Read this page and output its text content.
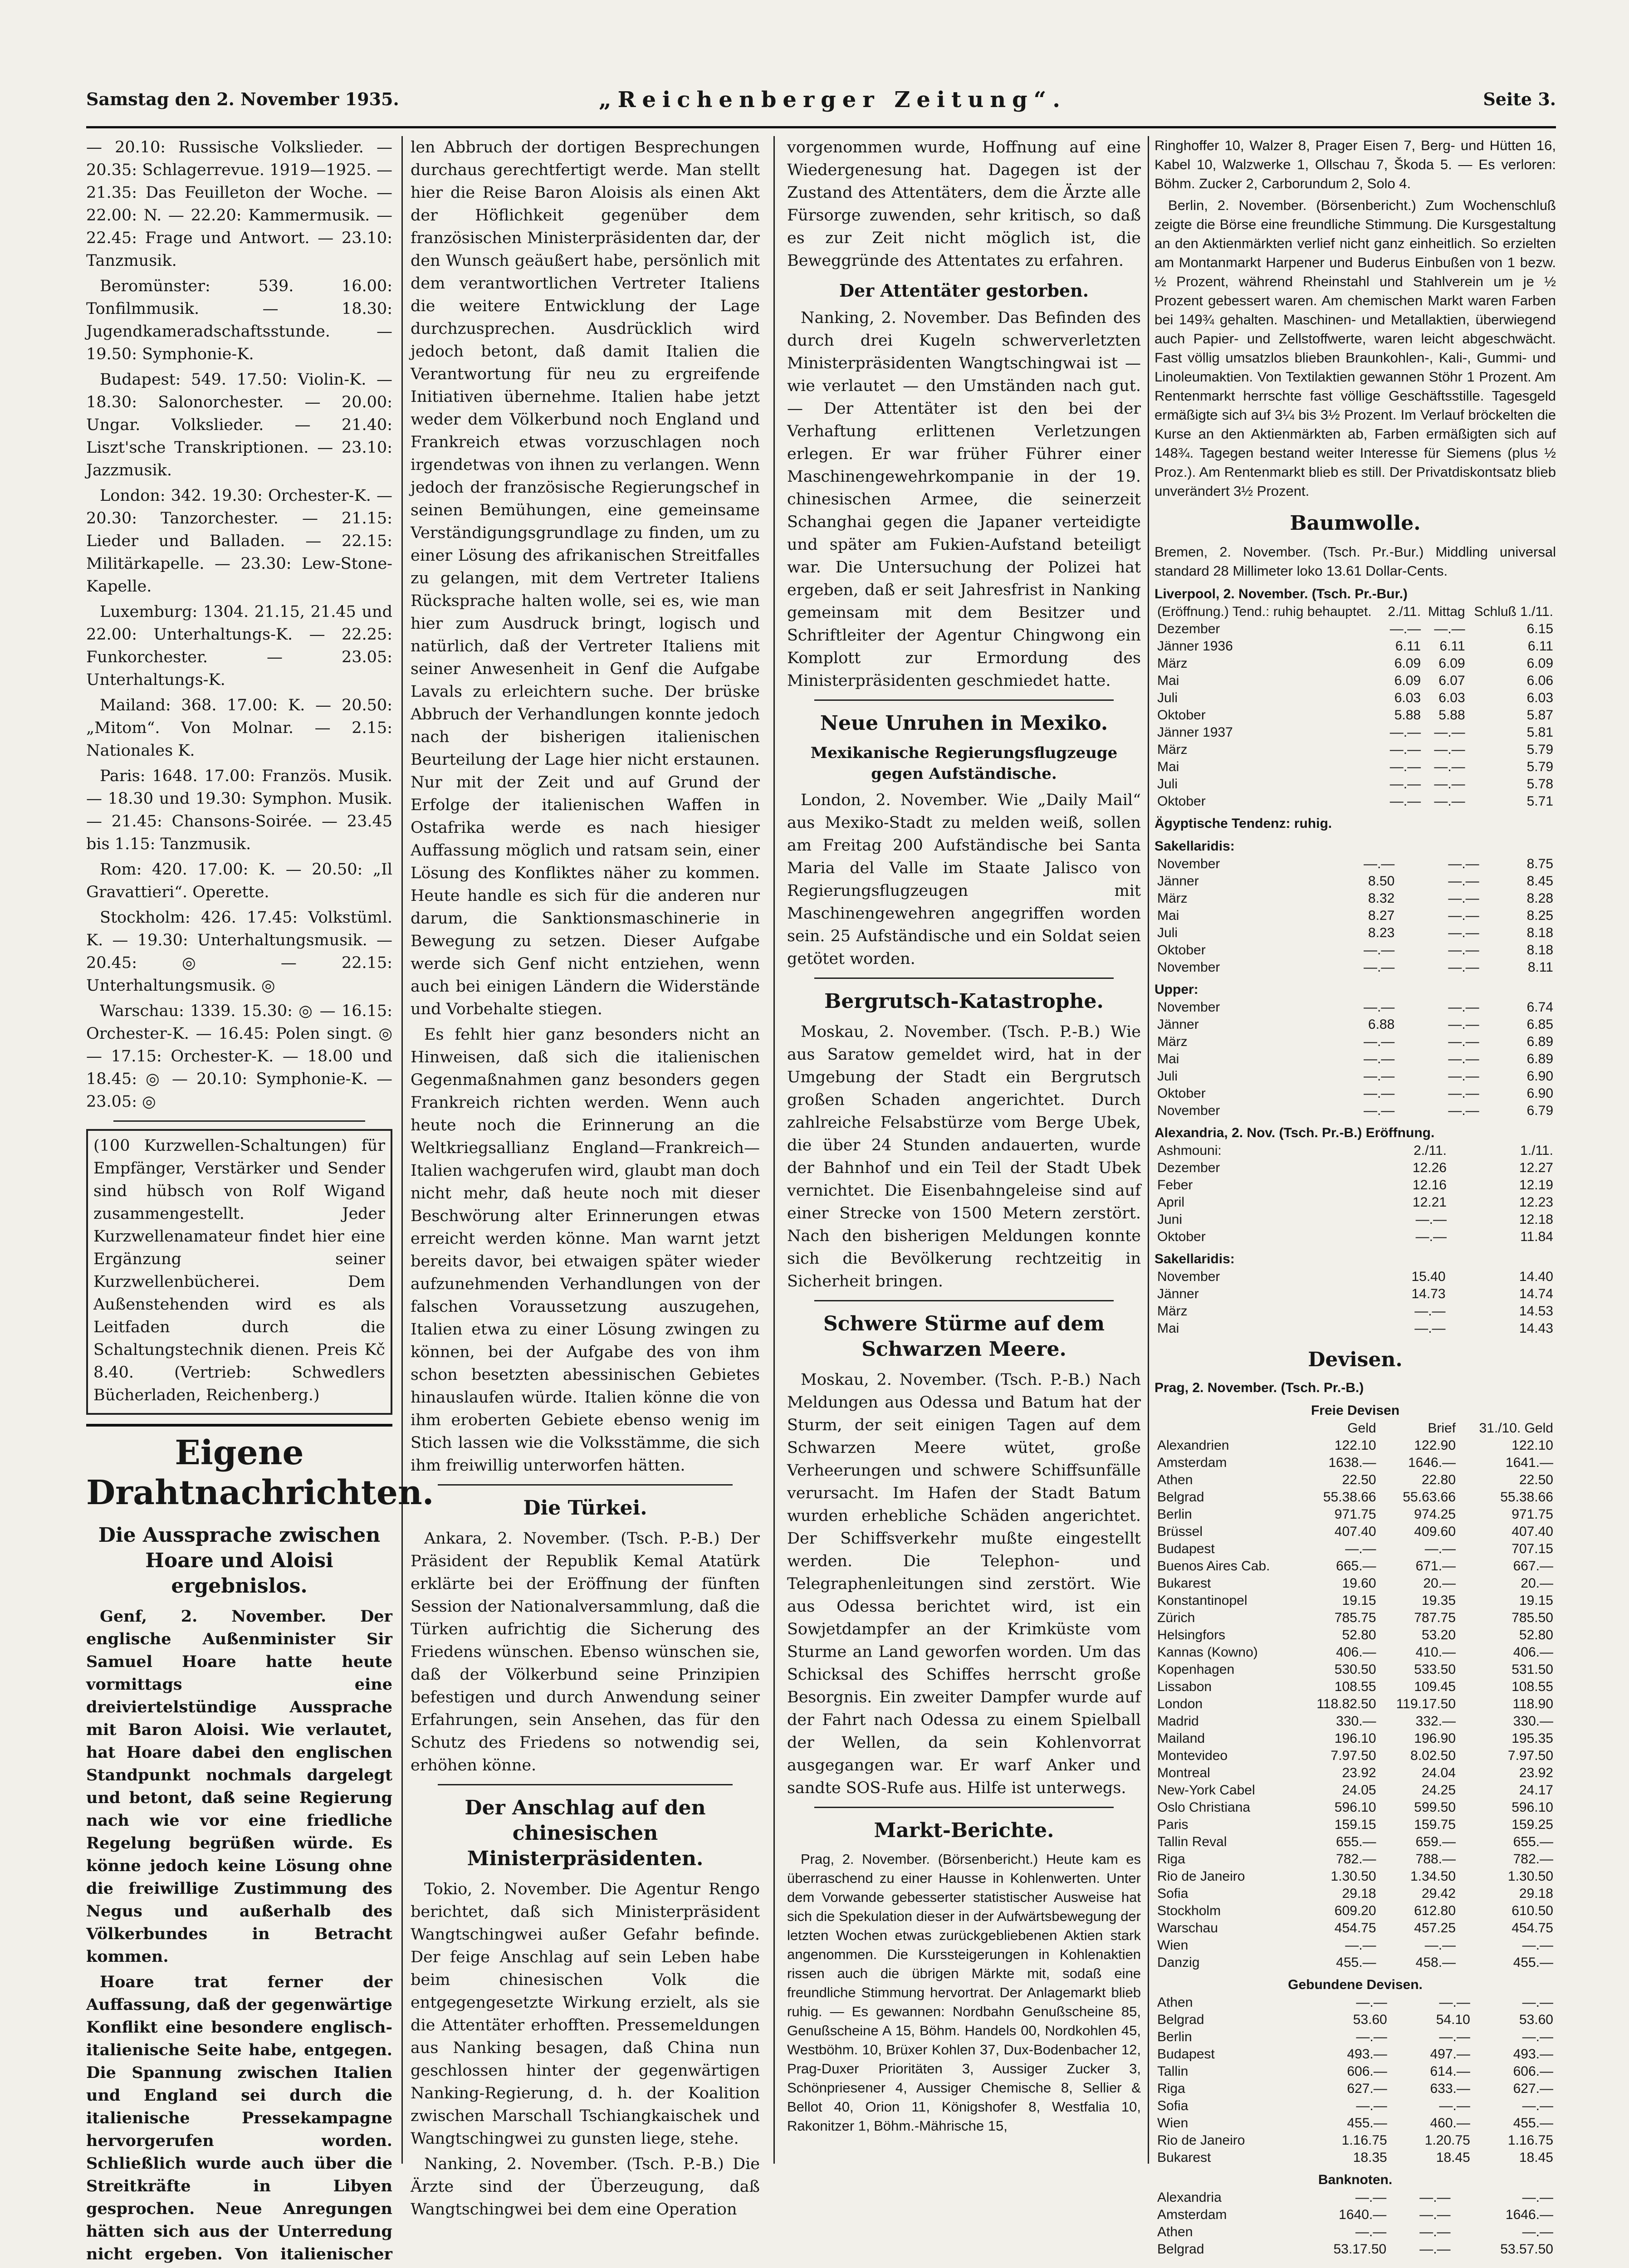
Samstag den 2. November 1935.	„Reichenberger Zeitung“.	Seite 3.

— 20.10: Russische Volkslieder. — 20.35: Schlagerrevue. 1919—1925. — 21.35: Das Feuilleton der Woche. — 22.00: N. — 22.20: Kammermusik. — 22.45: Frage und Antwort. — 23.10: Tanzmusik.

Beromünster: 539. 16.00: Tonfilmmusik. — 18.30: Jugendkameradschaftsstunde. — 19.50: Symphonie-K.

Budapest: 549. 17.50: Violin-K. — 18.30: Salonorchester. — 20.00: Ungar. Volkslieder. — 21.40: Liszt'sche Transkriptionen. — 23.10: Jazzmusik.

London: 342. 19.30: Orchester-K. — 20.30: Tanzorchester. — 21.15: Lieder und Balladen. — 22.15: Militärkapelle. — 23.30: Lew-Stone-Kapelle.

Luxemburg: 1304. 21.15, 21.45 und 22.00: Unterhaltungs-K. — 22.25: Funkorchester. — 23.05: Unterhaltungs-K.

Mailand: 368. 17.00: K. — 20.50: „Mitom“. Von Molnar. — 2.15: Nationales K.

Paris: 1648. 17.00: Französ. Musik. — 18.30 und 19.30: Symphon. Musik. — 21.45: Chansons-Soirée. — 23.45 bis 1.15: Tanzmusik.

Rom: 420. 17.00: K. — 20.50: „Il Gravattieri“. Operette.

Stockholm: 426. 17.45: Volkstüml. K. — 19.30: Unterhaltungsmusik. — 20.45: ◎ — 22.15: Unterhaltungsmusik. ◎

Warschau: 1339. 15.30: ◎ — 16.15: Orchester-K. — 16.45: Polen singt. ◎ — 17.15: Orchester-K. — 18.00 und 18.45: ◎ — 20.10: Symphonie-K. — 23.05: ◎

(100 Kurzwellen-Schaltungen) für Empfänger, Verstärker und Sender sind hübsch von Rolf Wigand zusammengestellt. Jeder Kurzwellenamateur findet hier eine Ergänzung seiner Kurzwellenbücherei. Dem Außenstehenden wird es als Leitfaden durch die Schaltungstechnik dienen. Preis Kč 8.40. (Vertrieb: Schwedlers Bücherladen, Reichenberg.)

Eigene Drahtnachrichten.
Die Aussprache zwischen Hoare und Aloisi ergebnislos.

Genf, 2. November. Der englische Außenminister Sir Samuel Hoare hatte heute vormittags eine dreiviertelstündige Aussprache mit Baron Aloisi. Wie verlautet, hat Hoare dabei den englischen Standpunkt nochmals dargelegt und betont, daß seine Regierung nach wie vor eine friedliche Regelung begrüßen würde. Es könne jedoch keine Lösung ohne die freiwillige Zustimmung des Negus und außerhalb des Völkerbundes in Betracht kommen.

Hoare trat ferner der Auffassung, daß der gegenwärtige Konflikt eine besondere englisch-italienische Seite habe, entgegen. Die Spannung zwischen Italien und England sei durch die italienische Pressekampagne hervorgerufen worden. Schließlich wurde auch über die Streitkräfte in Libyen gesprochen. Neue Anregungen hätten sich aus der Unterredung nicht ergeben. Von italienischer

len Abbruch der dortigen Besprechungen durchaus gerechtfertigt werde. Man stellt hier die Reise Baron Aloisis als einen Akt der Höflichkeit gegenüber dem französischen Ministerpräsidenten dar, der den Wunsch geäußert habe, persönlich mit dem verantwortlichen Vertreter Italiens die weitere Entwicklung der Lage durchzusprechen. Ausdrücklich wird jedoch betont, daß damit Italien die Verantwortung für neu zu ergreifende Initiativen übernehme. Italien habe jetzt weder dem Völkerbund noch England und Frankreich etwas vorzuschlagen noch irgendetwas von ihnen zu verlangen. Wenn jedoch der französische Regierungschef in seinen Bemühungen, eine gemeinsame Verständigungsgrundlage zu finden, um zu einer Lösung des afrikanischen Streitfalles zu gelangen, mit dem Vertreter Italiens Rücksprache halten wolle, sei es, wie man hier zum Ausdruck bringt, logisch und natürlich, daß der Vertreter Italiens mit seiner Anwesenheit in Genf die Aufgabe Lavals zu erleichtern suche. Der brüske Abbruch der Verhandlungen konnte jedoch nach der bisherigen italienischen Beurteilung der Lage hier nicht erstaunen. Nur mit der Zeit und auf Grund der Erfolge der italienischen Waffen in Ostafrika werde es nach hiesiger Auffassung möglich und ratsam sein, einer Lösung des Konfliktes näher zu kommen. Heute handle es sich für die anderen nur darum, die Sanktionsmaschinerie in Bewegung zu setzen. Dieser Aufgabe werde sich Genf nicht entziehen, wenn auch bei einigen Ländern die Widerstände und Vorbehalte stiegen.

Es fehlt hier ganz besonders nicht an Hinweisen, daß sich die italienischen Gegenmaßnahmen ganz besonders gegen Frankreich richten werden. Wenn auch heute noch die Erinnerung an die Weltkriegsallianz England—Frankreich—Italien wachgerufen wird, glaubt man doch nicht mehr, daß heute noch mit dieser Beschwörung alter Erinnerungen etwas erreicht werden könne. Man warnt jetzt bereits davor, bei etwaigen später wieder aufzunehmenden Verhandlungen von der falschen Voraussetzung auszugehen, Italien etwa zu einer Lösung zwingen zu können, bei der Aufgabe des von ihm schon besetzten abessinischen Gebietes hinauslaufen würde. Italien könne die von ihm eroberten Gebiete ebenso wenig im Stich lassen wie die Volksstämme, die sich ihm freiwillig unterworfen hätten.

Die Türkei.

Ankara, 2. November. (Tsch. P.-B.) Der Präsident der Republik Kemal Atatürk erklärte bei der Eröffnung der fünften Session der Nationalversammlung, daß die Türken aufrichtig die Sicherung des Friedens wünschen. Ebenso wünschen sie, daß der Völkerbund seine Prinzipien befestigen und durch Anwendung seiner Erfahrungen, sein Ansehen, das für den Schutz des Friedens so notwendig sei, erhöhen könne.

Der Anschlag auf den chinesischen Ministerpräsidenten.

Tokio, 2. November. Die Agentur Rengo berichtet, daß sich Ministerpräsident Wangtschingwei außer Gefahr befinde. Der feige Anschlag auf sein Leben habe beim chinesischen Volk die entgegengesetzte Wirkung erzielt, als sie die Attentäter erhofften. Pressemeldungen aus Nanking besagen, daß China nun geschlossen hinter der gegenwärtigen Nanking-Regierung, d. h. der Koalition zwischen Marschall Tschiangkaischek und Wangtschingwei zu gunsten liege, stehe.

Nanking, 2. November. (Tsch. P.-B.) Die Ärzte sind der Überzeugung, daß Wangtschingwei bei dem eine Operation

vorgenommen wurde, Hoffnung auf eine Wiedergenesung hat. Dagegen ist der Zustand des Attentäters, dem die Ärzte alle Fürsorge zuwenden, sehr kritisch, so daß es zur Zeit nicht möglich ist, die Beweggründe des Attentates zu erfahren.

Der Attentäter gestorben.

Nanking, 2. November. Das Befinden des durch drei Kugeln schwerverletzten Ministerpräsidenten Wangtschingwai ist — wie verlautet — den Umständen nach gut. — Der Attentäter ist den bei der Verhaftung erlittenen Verletzungen erlegen. Er war früher Führer einer Maschinengewehrkompanie in der 19. chinesischen Armee, die seinerzeit Schanghai gegen die Japaner verteidigte und später am Fukien-Aufstand beteiligt war. Die Untersuchung der Polizei hat ergeben, daß er seit Jahresfrist in Nanking gemeinsam mit dem Besitzer und Schriftleiter der Agentur Chingwong ein Komplott zur Ermordung des Ministerpräsidenten geschmiedet hatte.

Neue Unruhen in Mexiko.
Mexikanische Regierungsflugzeuge gegen Aufständische.

London, 2. November. Wie „Daily Mail“ aus Mexiko-Stadt zu melden weiß, sollen am Freitag 200 Aufständische bei Santa Maria del Valle im Staate Jalisco von Regierungsflugzeugen mit Maschinengewehren angegriffen worden sein. 25 Aufständische und ein Soldat seien getötet worden.

Bergrutsch-Katastrophe.

Moskau, 2. November. (Tsch. P.-B.) Wie aus Saratow gemeldet wird, hat in der Umgebung der Stadt ein Bergrutsch großen Schaden angerichtet. Durch zahlreiche Felsabstürze vom Berge Ubek, die über 24 Stunden andauerten, wurde der Bahnhof und ein Teil der Stadt Ubek vernichtet. Die Eisenbahngeleise sind auf einer Strecke von 1500 Metern zerstört. Nach den bisherigen Meldungen konnte sich die Bevölkerung rechtzeitig in Sicherheit bringen.

Schwere Stürme auf dem Schwarzen Meere.

Moskau, 2. November. (Tsch. P.-B.) Nach Meldungen aus Odessa und Batum hat der Sturm, der seit einigen Tagen auf dem Schwarzen Meere wütet, große Verheerungen und schwere Schiffsunfälle verursacht. Im Hafen der Stadt Batum wurden erhebliche Schäden angerichtet. Der Schiffsverkehr mußte eingestellt werden. Die Telephon- und Telegraphenleitungen sind zerstört. Wie aus Odessa berichtet wird, ist ein Sowjetdampfer an der Krimküste vom Sturme an Land geworfen worden. Um das Schicksal des Schiffes herrscht große Besorgnis. Ein zweiter Dampfer wurde auf der Fahrt nach Odessa zu einem Spielball der Wellen, da sein Kohlenvorrat ausgegangen war. Er warf Anker und sandte SOS-Rufe aus. Hilfe ist unterwegs.

Markt-Berichte.

Prag, 2. November. (Börsenbericht.) Heute kam es überraschend zu einer Hausse in Kohlenwerten. Unter dem Vorwande gebesserter statistischer Ausweise hat sich die Spekulation dieser in der Aufwärtsbewegung der letzten Wochen etwas zurückgebliebenen Aktien stark angenommen. Die Kurssteigerungen in Kohlenaktien rissen auch die übrigen Märkte mit, sodaß eine freundliche Stimmung hervortrat. Der Anlagemarkt blieb ruhig. — Es gewannen: Nordbahn Genußscheine 85, Genußscheine A 15, Böhm. Handels 00, Nordkohlen 45, Westböhm. 10, Brüxer Kohlen 37, Dux-Bodenbacher 12, Prag-Duxer Prioritäten 3, Aussiger Zucker 3, Schönpriesener 4, Aussiger Chemische 8, Sellier & Bellot 40, Orion 11, Königshofer 8, Westfalia 10, Rakonitzer 1, Böhm.-Mährische 15,

Ringhoffer 10, Walzer 8, Prager Eisen 7, Berg- und Hütten 16, Kabel 10, Walzwerke 1, Ollschau 7, Škoda 5. — Es verloren: Böhm. Zucker 2, Carborundum 2, Solo 4.

Berlin, 2. November. (Börsenbericht.) Zum Wochenschluß zeigte die Börse eine freundliche Stimmung. Die Kursgestaltung an den Aktienmärkten verlief nicht ganz einheitlich. So erzielten am Montanmarkt Harpener und Buderus Einbußen von 1 bezw. ½ Prozent, während Rheinstahl und Stahlverein um je ½ Prozent gebessert waren. Am chemischen Markt waren Farben bei 149¾ gehalten. Maschinen- und Metallaktien, überwiegend auch Papier- und Zellstoffwerte, waren leicht abgeschwächt. Fast völlig umsatzlos blieben Braunkohlen-, Kali-, Gummi- und Linoleumaktien. Von Textilaktien gewannen Stöhr 1 Prozent. Am Rentenmarkt herrschte fast völlige Geschäftsstille. Tagesgeld ermäßigte sich auf 3¼ bis 3½ Prozent. Im Verlauf bröckelten die Kurse an den Aktienmärkten ab, Farben ermäßigten sich auf 148¾. Tagegen bestand weiter Interesse für Siemens (plus ½ Proz.). Am Rentenmarkt blieb es still. Der Privatdiskontsatz blieb unverändert 3½ Prozent.

Baumwolle.

Bremen, 2. November. (Tsch. Pr.-Bur.) Middling universal standard 28 Millimeter loko 13.61 Dollar-Cents.

Liverpool, 2. November. (Tsch. Pr.-Bur.)
(Eröffnung.) Tend.: ruhig behauptet.	2./11.	Mittag	Schluß 1./11.
Dezember	—.—	—.—	6.15
Jänner 1936	6.11	6.11	6.11
März	6.09	6.09	6.09
Mai	6.09	6.07	6.06
Juli	6.03	6.03	6.03
Oktober	5.88	5.88	5.87
Jänner 1937	—.—	—.—	5.81
März	—.—	—.—	5.79
Mai	—.—	—.—	5.79
Juli	—.—	—.—	5.78
Oktober	—.—	—.—	5.71
Ägyptische Tendenz: ruhig.
Sakellaridis:
November	—.—	—.—	8.75
Jänner	8.50	—.—	8.45
März	8.32	—.—	8.28
Mai	8.27	—.—	8.25
Juli	8.23	—.—	8.18
Oktober	—.—	—.—	8.18
November	—.—	—.—	8.11
Upper:
November	—.—	—.—	6.74
Jänner	6.88	—.—	6.85
März	—.—	—.—	6.89
Mai	—.—	—.—	6.89
Juli	—.—	—.—	6.90
Oktober	—.—	—.—	6.90
November	—.—	—.—	6.79
Alexandria, 2. Nov. (Tsch. Pr.-B.) Eröffnung.
Ashmouni:	2./11.	1./11.
Dezember	12.26	12.27
Feber	12.16	12.19
April	12.21	12.23
Juni	—.—	12.18
Oktober	—.—	11.84
Sakellaridis:
November	15.40	14.40
Jänner	14.73	14.74
März	—.—	14.53
Mai	—.—	14.43
Devisen.
Prag, 2. November. (Tsch. Pr.-B.)
Freie Devisen
	Geld	Brief	31./10. Geld
Alexandrien	122.10	122.90	122.10
Amsterdam	1638.—	1646.—	1641.—
Athen	22.50	22.80	22.50
Belgrad	55.38.66	55.63.66	55.38.66
Berlin	971.75	974.25	971.75
Brüssel	407.40	409.60	407.40
Budapest	—.—	—.—	707.15
Buenos Aires Cab.	665.—	671.—	667.—
Bukarest	19.60	20.—	20.—
Konstantinopel	19.15	19.35	19.15
Zürich	785.75	787.75	785.50
Helsingfors	52.80	53.20	52.80
Kannas (Kowno)	406.—	410.—	406.—
Kopenhagen	530.50	533.50	531.50
Lissabon	108.55	109.45	108.55
London	118.82.50	119.17.50	118.90
Madrid	330.—	332.—	330.—
Mailand	196.10	196.90	195.35
Montevideo	7.97.50	8.02.50	7.97.50
Montreal	23.92	24.04	23.92
New-York Cabel	24.05	24.25	24.17
Oslo Christiana	596.10	599.50	596.10
Paris	159.15	159.75	159.25
Tallin Reval	655.—	659.—	655.—
Riga	782.—	788.—	782.—
Rio de Janeiro	1.30.50	1.34.50	1.30.50
Sofia	29.18	29.42	29.18
Stockholm	609.20	612.80	610.50
Warschau	454.75	457.25	454.75
Wien	—.—	—.—	—.—
Danzig	455.—	458.—	455.—
Gebundene Devisen.
Athen	—.—	—.—	—.—
Belgrad	53.60	54.10	53.60
Berlin	—.—	—.—	—.—
Budapest	493.—	497.—	493.—
Tallin	606.—	614.—	606.—
Riga	627.—	633.—	627.—
Sofia	—.—	—.—	—.—
Wien	455.—	460.—	455.—
Rio de Janeiro	1.16.75	1.20.75	1.16.75
Bukarest	18.35	18.45	18.45
Banknoten.
Alexandria	—.—	—.—	—.—
Amsterdam	1640.—	—.—	1646.—
Athen	—.—	—.—	—.—
Belgrad	53.17.50	—.—	53.57.50
